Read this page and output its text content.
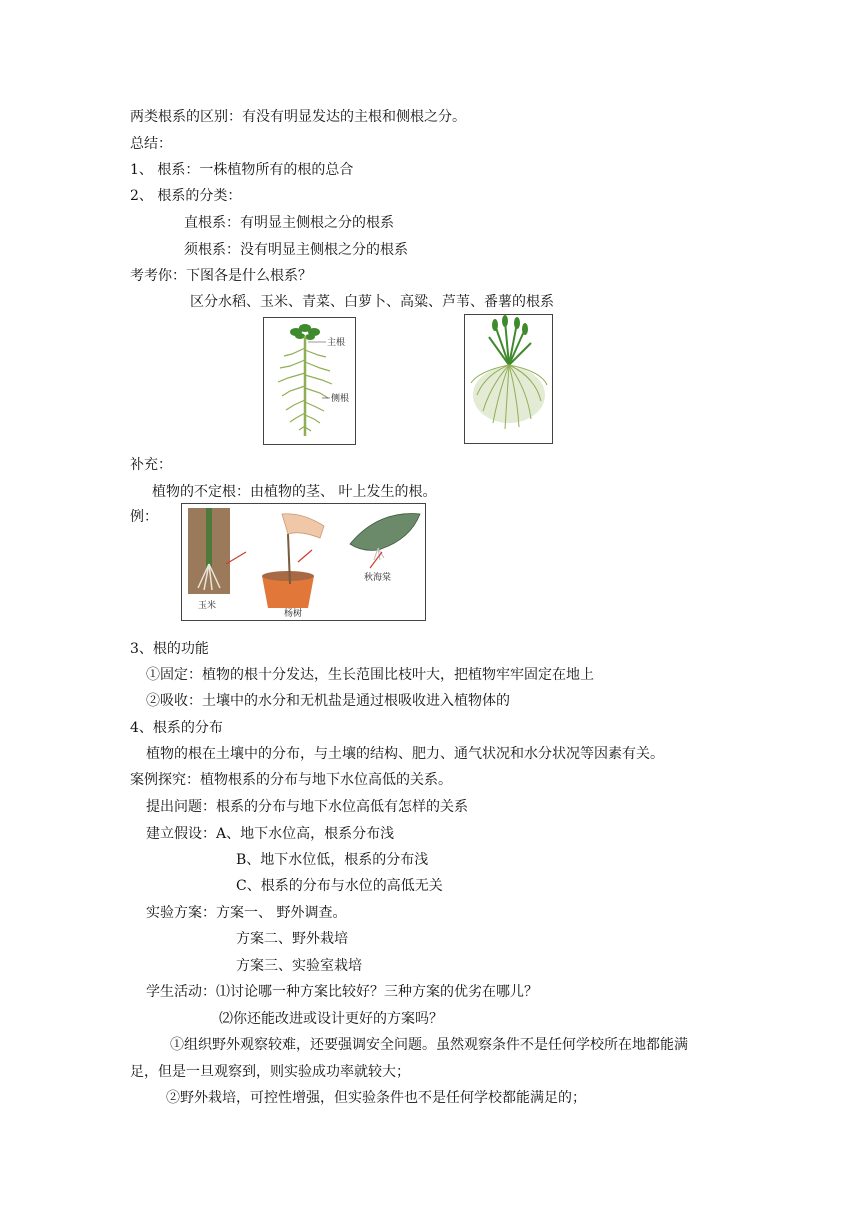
两类根系的区别：有没有明显发达的主根和侧根之分。
总结：
1、 根系：一株植物所有的根的总合
2、 根系的分类：
直根系：有明显主侧根之分的根系
须根系：没有明显主侧根之分的根系
考考你：下图各是什么根系？
区分水稻、玉米、青菜、白萝卜、高粱、芦苇、番薯的根系
主根
侧根
补充：
植物的不定根：由植物的茎、 叶上发生的根。
例：
玉米
杨树
秋海棠
3、根的功能
①固定：植物的根十分发达，生长范围比枝叶大，把植物牢牢固定在地上
②吸收：土壤中的水分和无机盐是通过根吸收进入植物体的
4、根系的分布
植物的根在土壤中的分布，与土壤的结构、肥力、通气状况和水分状况等因素有关。
案例探究：植物根系的分布与地下水位高低的关系。
提出问题：根系的分布与地下水位高低有怎样的关系
建立假设：A、地下水位高，根系分布浅
B、地下水位低，根系的分布浅
C、根系的分布与水位的高低无关
实验方案：方案一、 野外调查。
方案二、野外栽培
方案三、实验室栽培
学生活动：⑴讨论哪一种方案比较好？三种方案的优劣在哪儿？
⑵你还能改进或设计更好的方案吗？
①组织野外观察较难，还要强调安全问题。虽然观察条件不是任何学校所在地都能满
足，但是一旦观察到，则实验成功率就较大；
②野外栽培，可控性增强，但实验条件也不是任何学校都能满足的；
